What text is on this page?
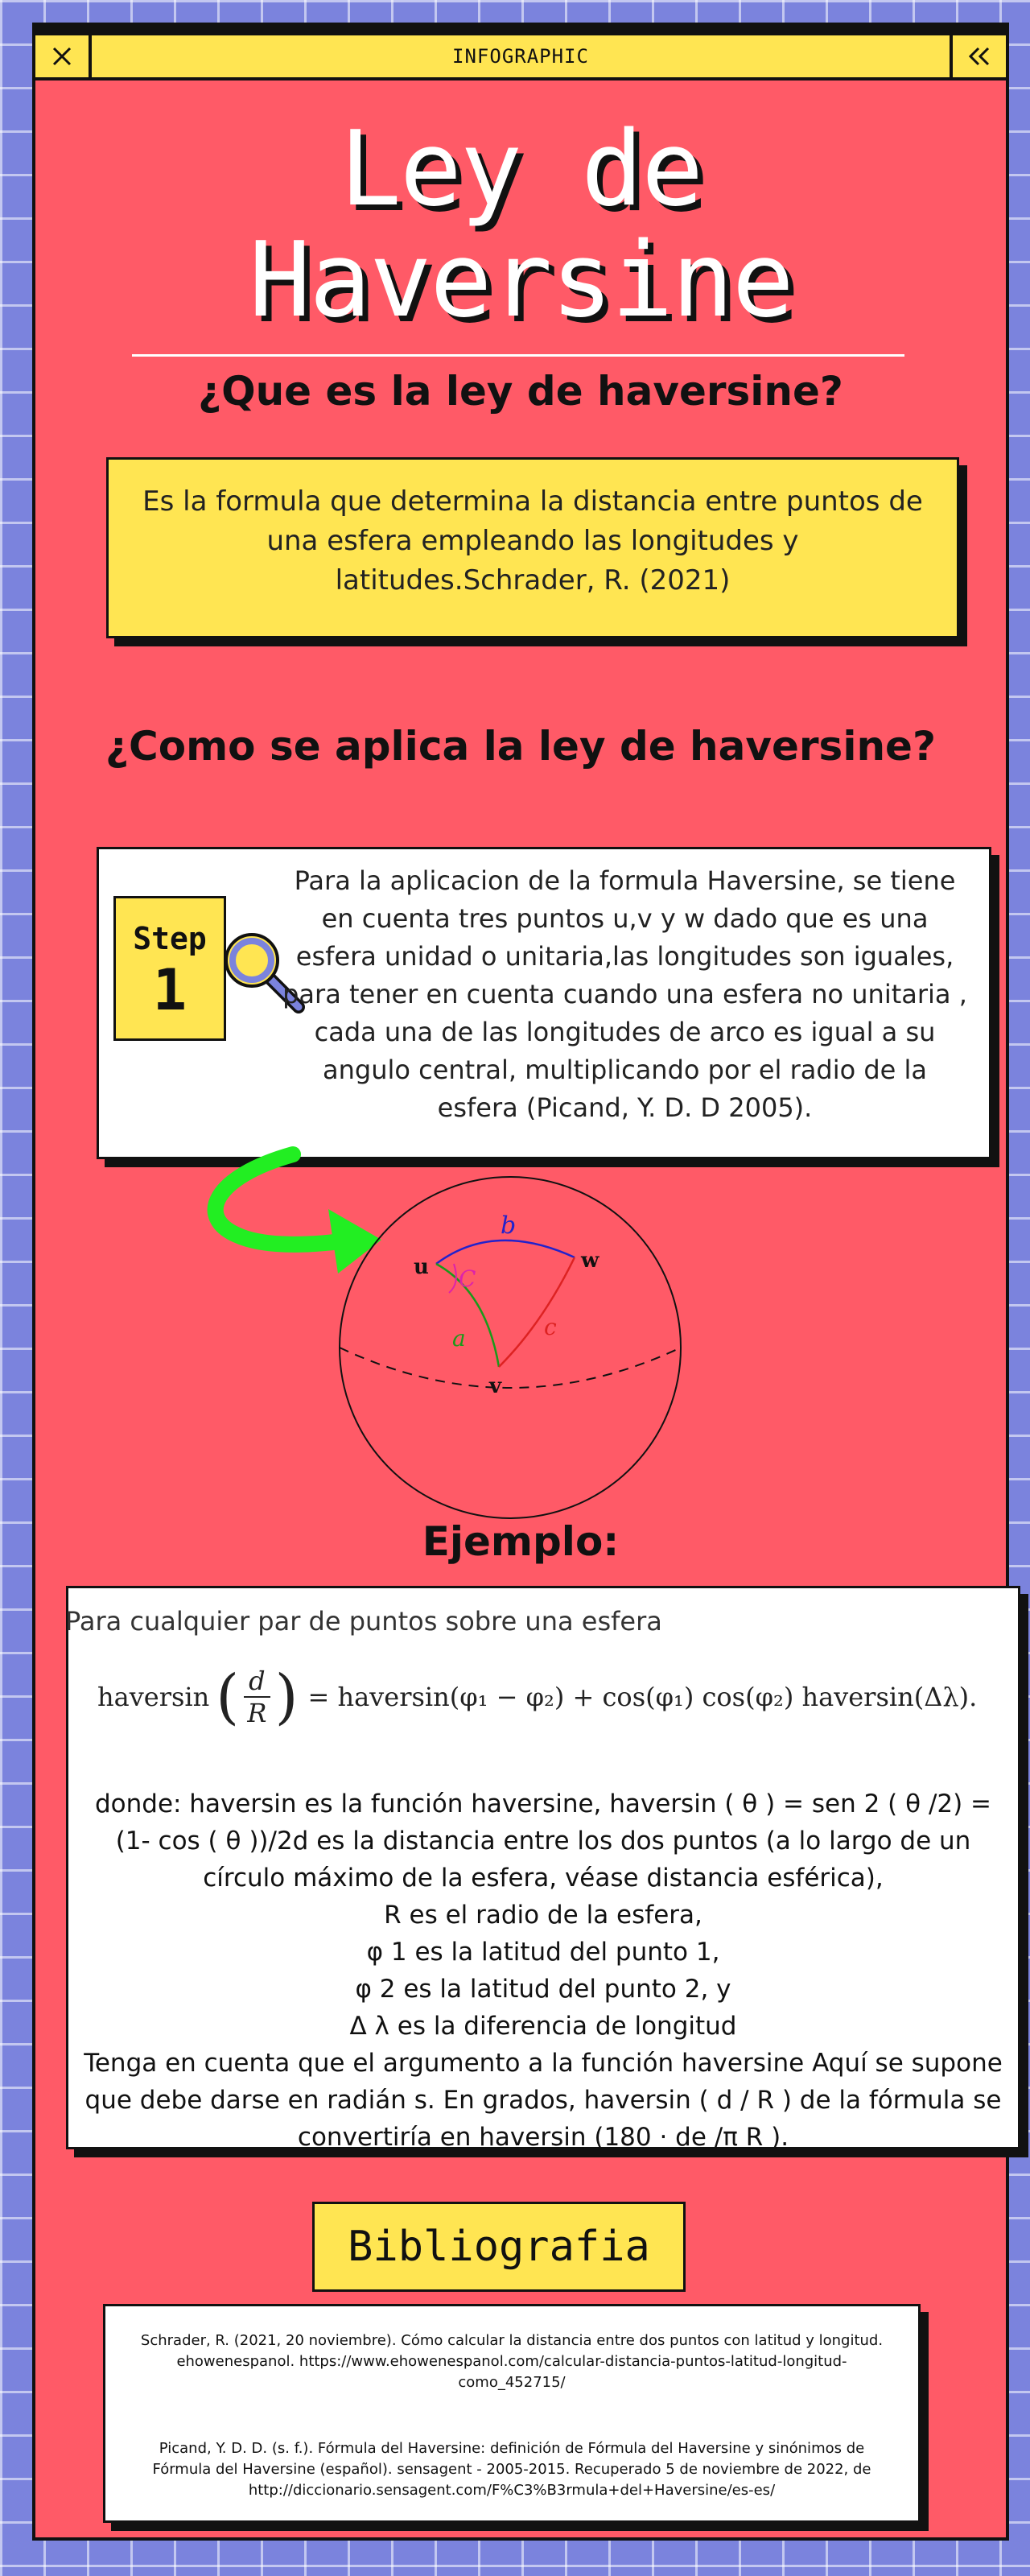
INFOGRAPHIC
Ley de
Haversine
¿Que es la ley de haversine?
Es la formula que determina la distancia entre puntos de una esfera empleando las longitudes y latitudes.Schrader, R. (2021)
¿Como se aplica la ley de haversine?
Step
1
Para la aplicacion de la formula Haversine, se tiene en cuenta tres puntos u,v y w dado que es una esfera unidad o unitaria,las longitudes son iguales, para tener en cuenta cuando una esfera no unitaria , cada una de las longitudes de arco es igual a su angulo central, multiplicando por el radio de la esfera (Picand, Y. D. D 2005).
u	w
v
b
a	c
C
Ejemplo:
Para cualquier par de puntos sobre una esfera
haversin ( $\frac{d}{R}$ ) = haversin(φ₁ − φ₂) + cos(φ₁) cos(φ₂) haversin(Δλ).
donde: haversin es la función haversine, haversin ( θ ) = sen 2 ( θ /2) = (1- cos ( θ ))/2d es la distancia entre los dos puntos (a lo largo de un círculo máximo de la esfera, véase distancia esférica),
R es el radio de la esfera,
φ 1 es la latitud del punto 1,
φ 2 es la latitud del punto 2, y
Δ λ es la diferencia de longitud
Tenga en cuenta que el argumento a la función haversine Aquí se supone que debe darse en radián s. En grados, haversin ( d / R ) de la fórmula se convertiría en haversin (180 ⋅ de /π R ).
Bibliografia
Schrader, R. (2021, 20 noviembre). Cómo calcular la distancia entre dos puntos con latitud y longitud. ehowenespanol. https://www.ehowenespanol.com/calcular-distancia-puntos-latitud-longitud-como_452715/
Picand, Y. D. D. (s. f.). Fórmula del Haversine: definición de Fórmula del Haversine y sinónimos de Fórmula del Haversine (español). sensagent - 2005-2015. Recuperado 5 de noviembre de 2022, de http://diccionario.sensagent.com/F%C3%B3rmula+del+Haversine/es-es/
